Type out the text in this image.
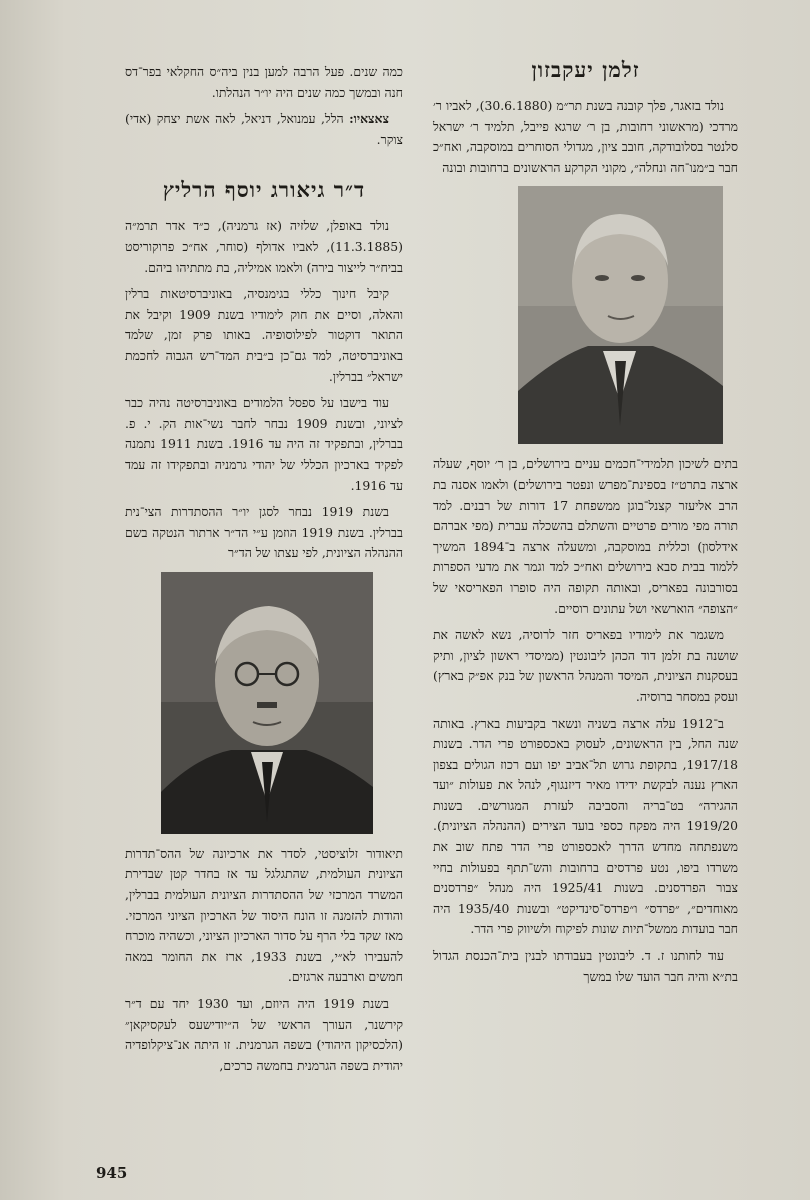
זלמן יעקבזון

נולד בזאגר, פלך קובנה בשנת תר״מ (30.6.1880), לאביו ר׳ מרדכי (מראשוני רחובות, בן ר׳ שרגא פייבל, תלמיד ר׳ ישראל סלנטר בסלובודקה, חובב ציון, מגדולי הסוחרים במוסקבה, ואח״כ חבר ב״מנו־חה ונחלה״, מקוני הקרקע הראשונים ברחובות ובונה

בתים לשיכון תלמידי־חכמים עניים בירושלים, בן ר׳ יוסף, שעלה ארצה בתרט״ז בספינת־מפרש ונפטר בירושלים) ולאמו אסנה בת הרב אליעזר קצנל־בוגן ממשפחת 17 דורות של רבנים. למד תורה מפי מורים פרטיים והשתלם בהשכלה עברית (מפי אברהם אידלסון) וכללית במוסקבה, ומשעלה ארצה ב־1894 המשיך ללמוד בבית סבא בירושלים ואח״כ למד וגמר את מדעי הספרות בסורבונה בפאריס, ובאותה תקופה היה סופרו הפאריסאי של ״הצופה״ הוארשאי ושל עתונים רוסיים.

משגמר את לימודיו בפאריס חזר לרוסיה, נשא לאשה את שושנה בת זלמן דוד הכהן ליבונטין (ממיסדי ראשון לציון, ותיק בעסקנות הציונית, המיסד והמנהל הראשון של בנק אפ״ק בארץ) ועסק במסחר ברוסיה.

ב־1912 עלה ארצה בשניה ונשאר בקביעות בארץ. באותה שנה החל, בין הראשונים, לעסוק באכספורט פרי הדר. בשנות 1917/18, בתקופת גרוש תל־אביב יפו ועם רכוז הגולים בצפון הארץ נענה לבקשת ידידו מאיר דיזנגוף, לנהל את פעולות ״ועד ההגירה״ בט־בריה והסביבה לעזרת המגורשים. בשנות 1919/20 היה מפקח כספי בועד הצירים (ההנהלה הציונית). משנפתחה מחדש הדרך לאכספורט פרי הדר פתח שוב את משרדו ביפו, נטע פרדסים ברחובות והש־תתף בפעולות בחיי צבור הפרדסנים. בשנות 1925/41 היה מנהל ״פרדסנים מאוחדים״, ״פרדס״ ו״פרדס־סינדיקט״ ובשנות 1935/40 היה חבר בועדות ממשל־תיות שונות לפיקוח ולשיווק פרי הדר.

עוד לחותנו ז. ד. ליבונטין בעבודתו לבנין בית־הכנסת הגדול בת״א והיה חבר הועד שלו במשך

כמה שנים. פעל הרבה למען בנין ביה״ס החקלאי בפר־דס חנה ובמשך כמה שנים היה יו״ר הנהלתו.

צאצאיו: הלל, עמנואל, דניאל, לאה אשת יצחק (אדי) צוקר.

ד״ר גיאורג יוסף הרליץ

נולד באופלן, שלזיה (אז גרמניה), כ״ד אדר תרמ״ה (11.3.1885), לאביו אדולף (סוחר, אח״כ פרוקוריסט בביח״ר לייצור בירה) ולאמו אמיליה, בת מתתיהו ביהם.

קיבל חינוך כללי בגימנסיה, באוניברסיטאות ברלין והאלה, וסיים את חוק לימודיו בשנת 1909 וקיבל את התואר דוקטור לפילוסופיה. באותו פרק זמן, שלמד באוניברסיטה, למד גם־כן ב״בית המד־רש הגבוה לחכמת ישראל״ בברלין.

עוד בישבו על ספסל הלמודים באוניברסיטה נהיה כבר לציוני, ובשנת 1909 נבחר לחבר נשי־אות הק. י. פ. בברלין, ובתפקיד זה היה עד 1916. בשנת 1911 נתמנה לפקיד בארכיון הכללי של יהודי גרמניה ובתפקידו זה עמד עד 1916.

בשנת 1919 נבחר לסגן יו״ר ההסתדרות הצי־נית בברלין. בשנת 1919 הוזמן ע״י הד״ר ארתור הנטקה בשם ההנהלה הציונית, לפי עצתו של הד״ר

תיאודור זלוציסטי, לסדר את ארכיונה של ההס־תדרות הציונית העולמית, שהתגלגל עד אז בחדר קטן שבדירת המשרד המרכזי של ההסתדרות הציונית העולמית בברלין, והודות להזמנה זו הונח היסוד של הארכיון הציוני המרכזי. מאז שקד בלי הרף על סדור הארכיון הציוני, וכשהיה מוכרח להעבירו לא״י, בשנת 1933, ארז את החומר במאה חמשים וארבעה ארגזים.

בשנת 1919 היה היוזם, ועד 1930 יחד עם ד״ר קירשנר, העורך הראשי של ה״יודישעס לעקסיקאן״ (הלכסיקון היהודי) בשפה הגרמנית. זו היתה אנ־ציקלופדיה יהודית בשפה הגרמנית בחמשה כרכים,

945
